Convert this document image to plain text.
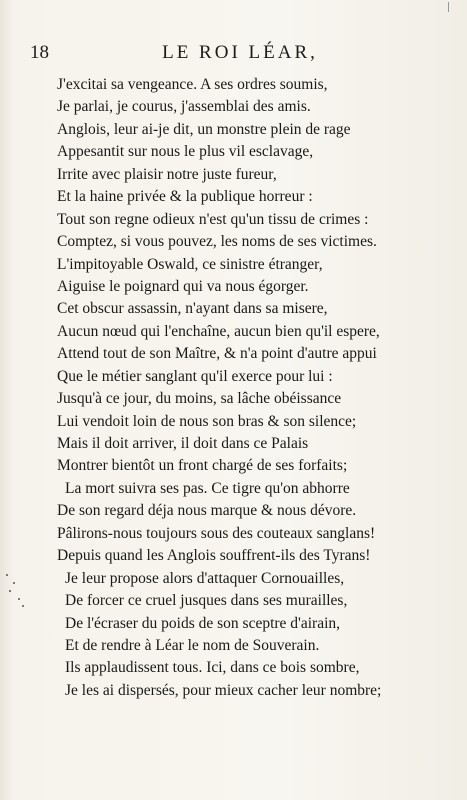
18	LE ROI LÉAR,
J'excitai sa vengeance. A ses ordres soumis,
Je parlai, je courus, j'assemblai des amis.
Anglois, leur ai-je dit, un monstre plein de rage
Appesantit sur nous le plus vil esclavage,
Irrite avec plaisir notre juste fureur,
Et la haine privée & la publique horreur :
Tout son regne odieux n'est qu'un tissu de crimes :
Comptez, si vous pouvez, les noms de ses victimes.
L'impitoyable Oswald, ce sinistre étranger,
Aiguise le poignard qui va nous égorger.
Cet obscur assassin, n'ayant dans sa misere,
Aucun nœud qui l'enchaîne, aucun bien qu'il espere,
Attend tout de son Maître, & n'a point d'autre appui
Que le métier sanglant qu'il exerce pour lui :
Jusqu'à ce jour, du moins, sa lâche obéissance
Lui vendoit loin de nous son bras & son silence;
Mais il doit arriver, il doit dans ce Palais
Montrer bientôt un front chargé de ses forfaits;
La mort suivra ses pas. Ce tigre qu'on abhorre
De son regard déja nous marque & nous dévore.
Pâlirons-nous toujours sous des couteaux sanglans!
Depuis quand les Anglois souffrent-ils des Tyrans!
Je leur propose alors d'attaquer Cornouailles,
De forcer ce cruel jusques dans ses murailles,
De l'écraser du poids de son sceptre d'airain,
Et de rendre à Léar le nom de Souverain.
Ils applaudissent tous. Ici, dans ce bois sombre,
Je les ai dispersés, pour mieux cacher leur nombre;
